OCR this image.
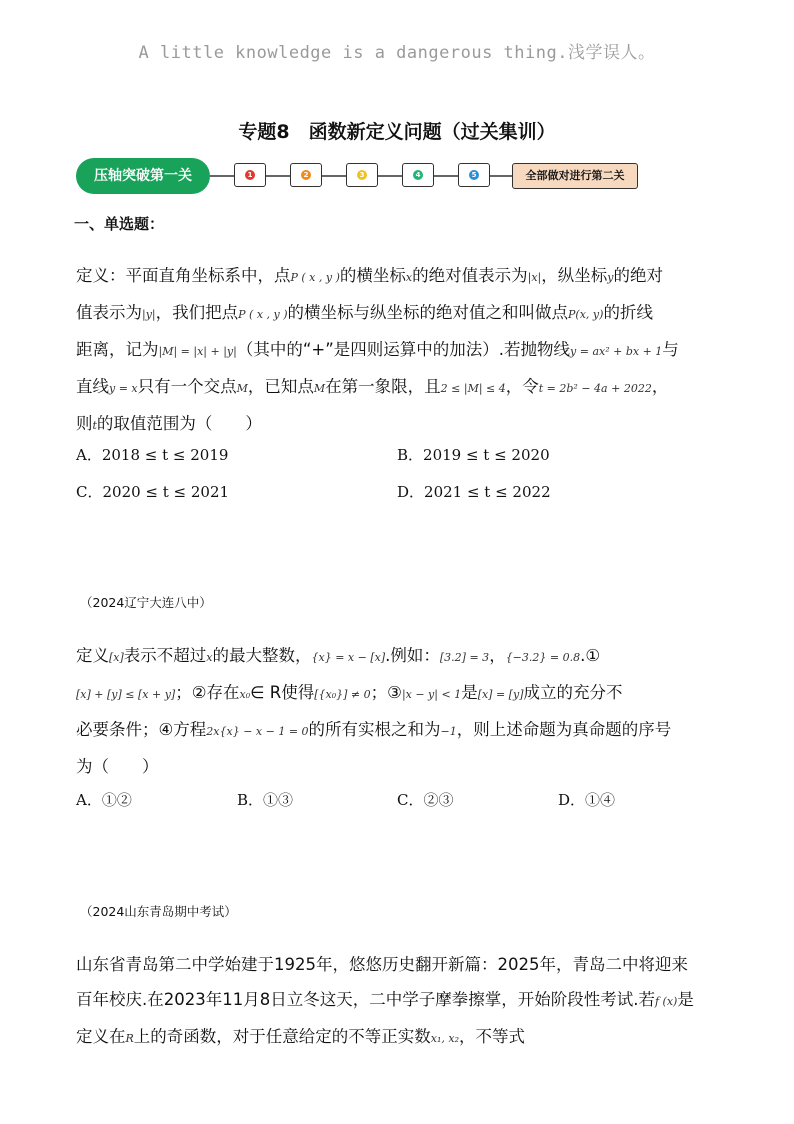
A little knowledge is a dangerous thing.浅学误人。
专题8　函数新定义问题（过关集训）
压轴突破第一关	1	2	3	4	5	全部做对进行第二关
一、单选题：
定义：平面直角坐标系中，点P ( x , y )的横坐标x的绝对值表示为|x|，纵坐标y的绝对
值表示为|y|，我们把点P ( x , y )的横坐标与纵坐标的绝对值之和叫做点P(x, y)的折线
距离，记为|M| = |x| + |y|（其中的“+”是四则运算中的加法）.若抛物线y = ax² + bx + 1与
直线y = x只有一个交点M，已知点M在第一象限，且2 ≤ |M| ≤ 4，令t = 2b² − 4a + 2022，
则t的取值范围为（　　）
A．2018 ≤ t ≤ 2019	B．2019 ≤ t ≤ 2020
C．2020 ≤ t ≤ 2021	D．2021 ≤ t ≤ 2022
（2024辽宁大连八中）
定义[x]表示不超过x的最大整数，{x} = x − [x].例如：[3.2] = 3，{−3.2} = 0.8.①
[x] + [y] ≤ [x + y]；②存在x₀∈ R使得[{x₀}] ≠ 0；③|x − y| < 1是[x] = [y]成立的充分不
必要条件；④方程2x{x} − x − 1 = 0的所有实根之和为−1，则上述命题为真命题的序号
为（　　）
A．①②	B．①③	C．②③	D．①④
（2024山东青岛期中考试）
山东省青岛第二中学始建于1925年，悠悠历史翻开新篇：2025年，青岛二中将迎来
百年校庆.在2023年11月8日立冬这天，二中学子摩拳擦掌，开始阶段性考试.若f (x)是
定义在R上的奇函数，对于任意给定的不等正实数x₁, x₂，不等式
